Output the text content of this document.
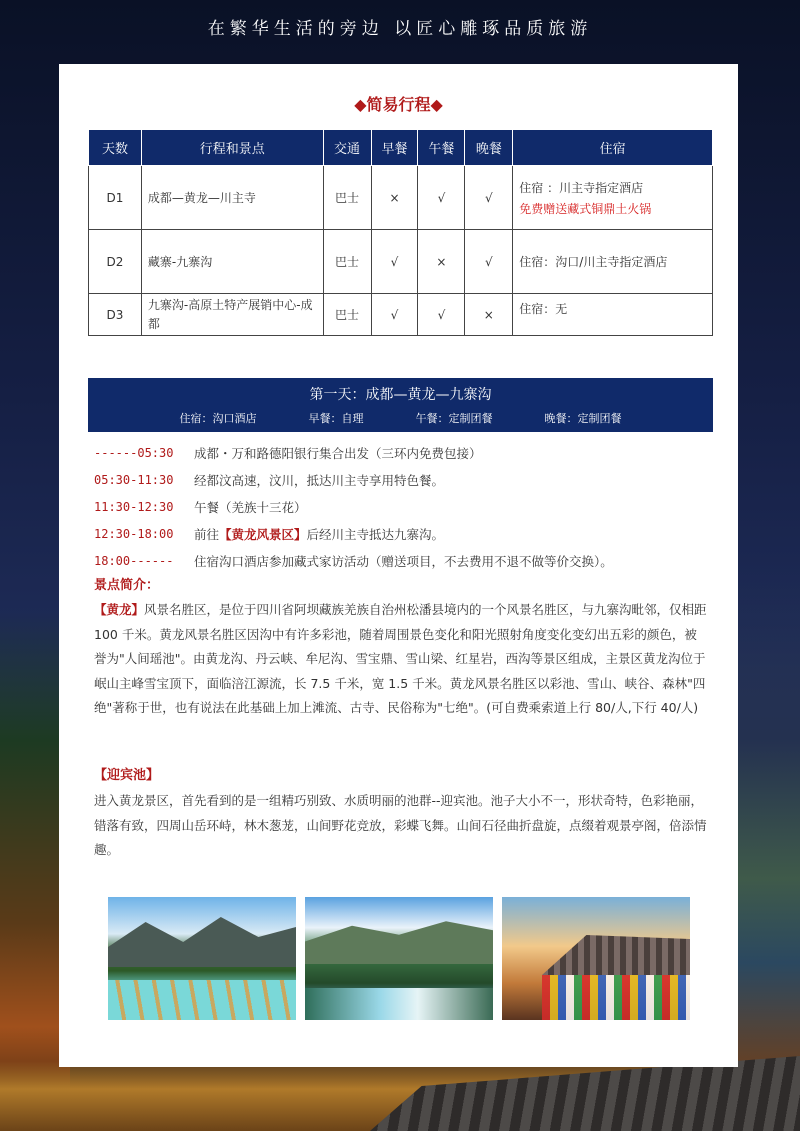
在繁华生活的旁边 以匠心雕琢品质旅游
◆简易行程◆
天数	行程和景点	交通	早餐	午餐	晚餐	住宿
D1	成都—黄龙—川主寺	巴士	×	√	√	住宿 ：川主寺指定酒店
免费赠送藏式铜鼎土火锅

D2	藏寨-九寨沟	巴士	√	×	√	住宿：沟口/川主寺指定酒店
D3	九寨沟-高原土特产展销中心-成都	巴士	√	√	×	住宿：无
第一天：成都—黄龙—九寨沟
住宿：沟口酒店	早餐：自理	午餐：定制团餐	晚餐：定制团餐
------05:30	成都・万和路德阳银行集合出发（三环内免费包接）
05:30-11:30	经都汶高速，汶川，抵达川主寺享用特色餐。
11:30-12:30	午餐（羌族十三花）
12:30-18:00	前往【黄龙风景区】后经川主寺抵达九寨沟。
18:00------	住宿沟口酒店参加藏式家访活动（赠送项目，不去费用不退不做等价交换）。
景点简介：
【黄龙】风景名胜区，是位于四川省阿坝藏族羌族自治州松潘县境内的一个风景名胜区，与九寨沟毗邻，仅相距 100 千米。黄龙风景名胜区因沟中有许多彩池，随着周围景色变化和阳光照射角度变化变幻出五彩的颜色，被誉为"人间瑶池"。由黄龙沟、丹云峡、牟尼沟、雪宝鼎、雪山梁、红星岩，西沟等景区组成，主景区黄龙沟位于岷山主峰雪宝顶下，面临涪江源流，长 7.5 千米，宽 1.5 千米。黄龙风景名胜区以彩池、雪山、峡谷、森林"四绝"著称于世，也有说法在此基础上加上滩流、古寺、民俗称为"七绝"。(可自费乘索道上行 80/人,下行 40/人)
【迎宾池】
进入黄龙景区，首先看到的是一组精巧别致、水质明丽的池群--迎宾池。池子大小不一，形状奇特，色彩艳丽，错落有致，四周山岳环峙，林木葱茏，山间野花竞放，彩蝶飞舞。山间石径曲折盘旋，点缀着观景亭阁，倍添情趣。
